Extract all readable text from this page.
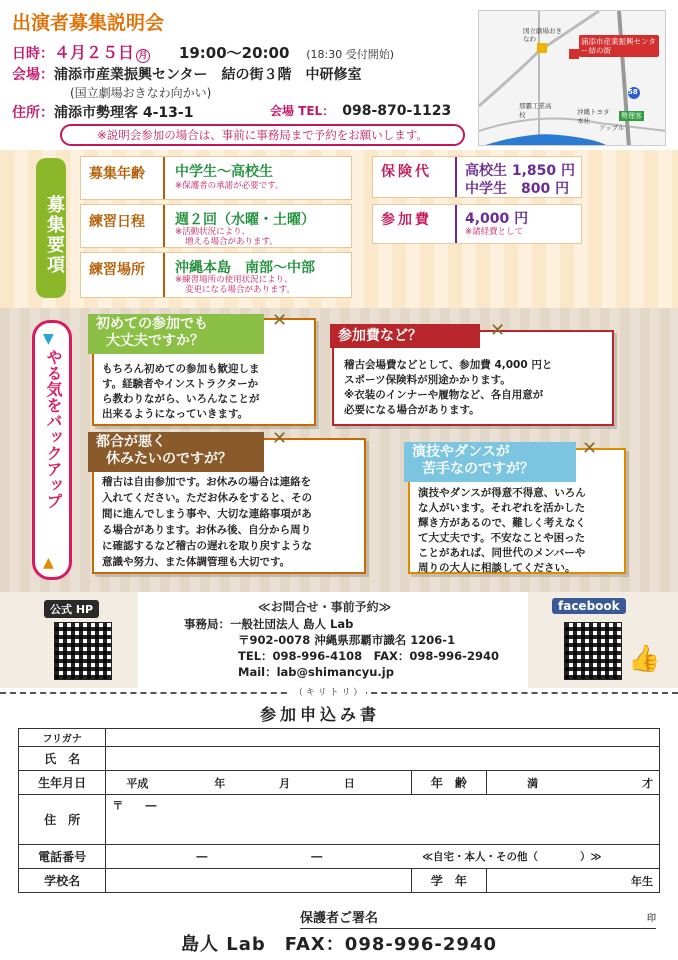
出演者募集説明会
日時：４月２５日 月 19:00〜20:00 (18:30 受付開始)
会場：浦添市産業振興センター　結の街３階　中研修室
(国立劇場おきなわ向かい)
住所：浦添市勢理客 4-13-1	会場 TEL： 098-870-1123
※説明会参加の場合は、事前に事務局まで予約をお願いします。
国立劇場おきなわ	浦添市産業振興センター結の街
那覇工業高校	沖縄トヨタ本社
アップル
勢理客
58
募集要項
募集年齢 中学生〜高校生
※保護者の承諾が必要です。
練習日程 週２回（水曜・土曜）
※活動状況により、
増える場合があります。
練習場所 沖縄本島　南部〜中部
※練習場所の使用状況により、
変更になる場合があります。
保険代 高校生 1,850 円
中学生　800 円
参加費 4,000 円
※諸経費として
▼
やる気をバックアップ
▲
初めての参加でも
大丈夫ですか？
✕
もちろん初めての参加も歓迎しま
す。経験者やインストラクターか
ら教わりながら、いろんなことが
出来るようになっていきます。
参加費など？	✕
稽古会場費などとして、参加費 4,000 円と
スポーツ保険料が別途かかります。
※衣装のインナーや履物など、各自用意が
必要になる場合があります。
都合が悪く
休みたいのですが？
✕
稽古は自由参加です。お休みの場合は連絡を
入れてください。ただお休みをすると、その
間に進んでしまう事や、大切な連絡事項があ
る場合があります。お休み後、自分から周り
に確認するなど稽古の遅れを取り戻すような
意識や努力、また体調管理も大切です。
演技やダンスが
苦手なのですが？
✕
演技やダンスが得意不得意、いろん
な人がいます。それぞれを活かした
輝き方があるので、難しく考えなく
て大丈夫です。不安なことや困った
ことがあれば、同世代のメンバーや
周りの大人に相談してください。
公式 HP	≪お問合せ・事前予約≫
事務局：一般社団法人 島人 Lab
〒902-0078 沖縄県那覇市識名 1206-1
TEL：098-996-4108　FAX：098-996-2940
Mail：lab@shimancyu.jp
facebook
👍
（ キ リ ト リ ）
参加申込み書
フリガナ			
氏　名			
生年月日	平成 年 月 日	年　齢	満 才
住　所	〒　　―		
電話番号	― ― ≪自宅・本人・その他（　　　　）≫		
学校名		学　年	年生
保護者ご署名	印
島人 Lab　FAX：098-996-2940
